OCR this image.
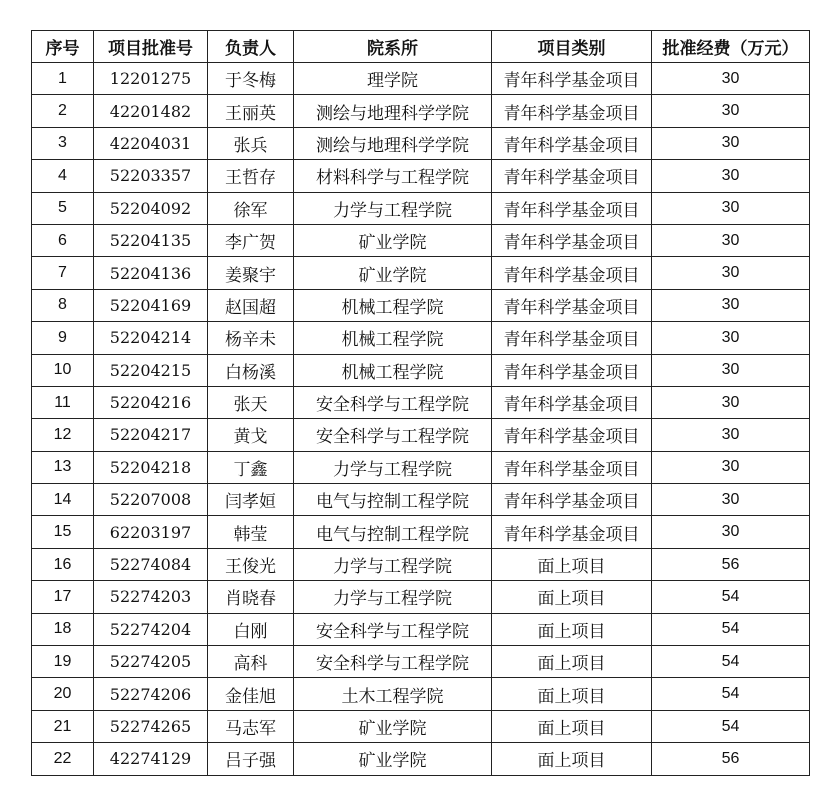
序号	项目批准号	负责人	院系所	项目类别	批准经费（万元）
1	12201275	于冬梅	理学院	青年科学基金项目	30
2	42201482	王丽英	测绘与地理科学学院	青年科学基金项目	30
3	42204031	张兵	测绘与地理科学学院	青年科学基金项目	30
4	52203357	王哲存	材料科学与工程学院	青年科学基金项目	30
5	52204092	徐军	力学与工程学院	青年科学基金项目	30
6	52204135	李广贺	矿业学院	青年科学基金项目	30
7	52204136	姜聚宇	矿业学院	青年科学基金项目	30
8	52204169	赵国超	机械工程学院	青年科学基金项目	30
9	52204214	杨辛未	机械工程学院	青年科学基金项目	30
10	52204215	白杨溪	机械工程学院	青年科学基金项目	30
11	52204216	张天	安全科学与工程学院	青年科学基金项目	30
12	52204217	黄戈	安全科学与工程学院	青年科学基金项目	30
13	52204218	丁鑫	力学与工程学院	青年科学基金项目	30
14	52207008	闫孝姮	电气与控制工程学院	青年科学基金项目	30
15	62203197	韩莹	电气与控制工程学院	青年科学基金项目	30
16	52274084	王俊光	力学与工程学院	面上项目	56
17	52274203	肖晓春	力学与工程学院	面上项目	54
18	52274204	白刚	安全科学与工程学院	面上项目	54
19	52274205	高科	安全科学与工程学院	面上项目	54
20	52274206	金佳旭	土木工程学院	面上项目	54
21	52274265	马志军	矿业学院	面上项目	54
22	42274129	吕子强	矿业学院	面上项目	56
